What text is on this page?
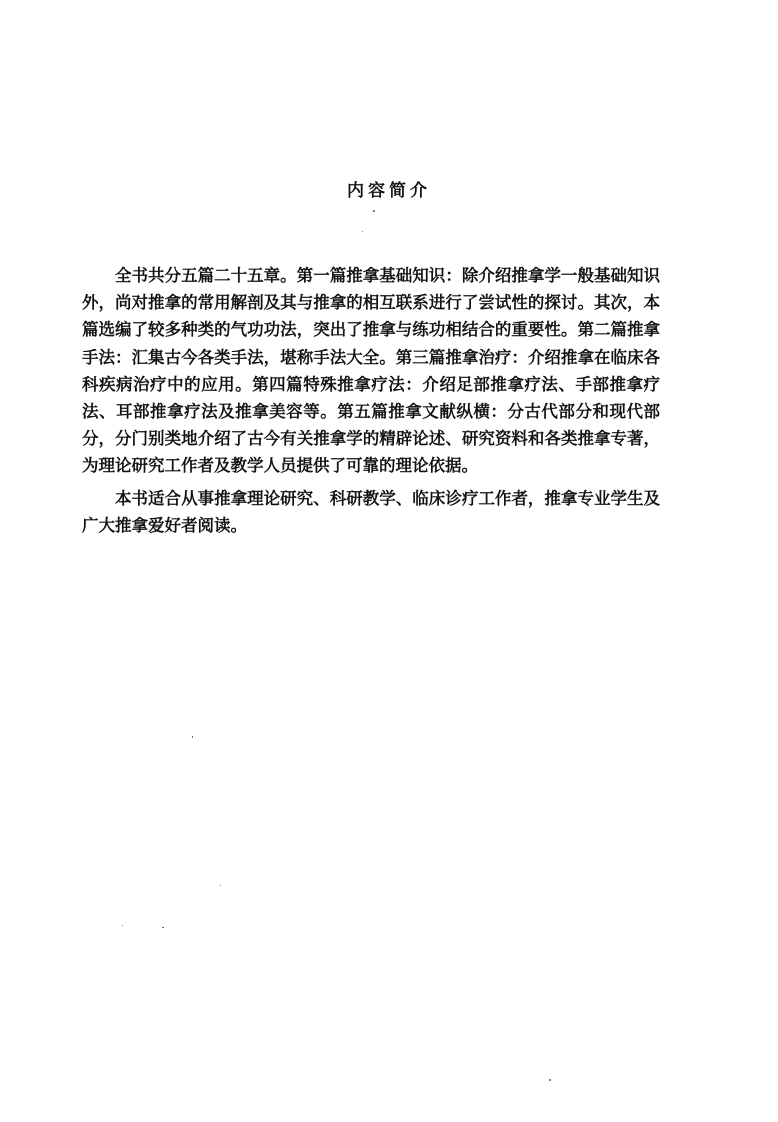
内容简介

全书共分五篇二十五章。第一篇推拿基础知识：除介绍推拿学一般基础知识外，尚对推拿的常用解剖及其与推拿的相互联系进行了尝试性的探讨。其次，本篇选编了较多种类的气功功法，突出了推拿与练功相结合的重要性。第二篇推拿手法：汇集古今各类手法，堪称手法大全。第三篇推拿治疗：介绍推拿在临床各科疾病治疗中的应用。第四篇特殊推拿疗法：介绍足部推拿疗法、手部推拿疗法、耳部推拿疗法及推拿美容等。第五篇推拿文献纵横：分古代部分和现代部分，分门别类地介绍了古今有关推拿学的精辟论述、研究资料和各类推拿专著，为理论研究工作者及教学人员提供了可靠的理论依据。

本书适合从事推拿理论研究、科研教学、临床诊疗工作者，推拿专业学生及广大推拿爱好者阅读。
